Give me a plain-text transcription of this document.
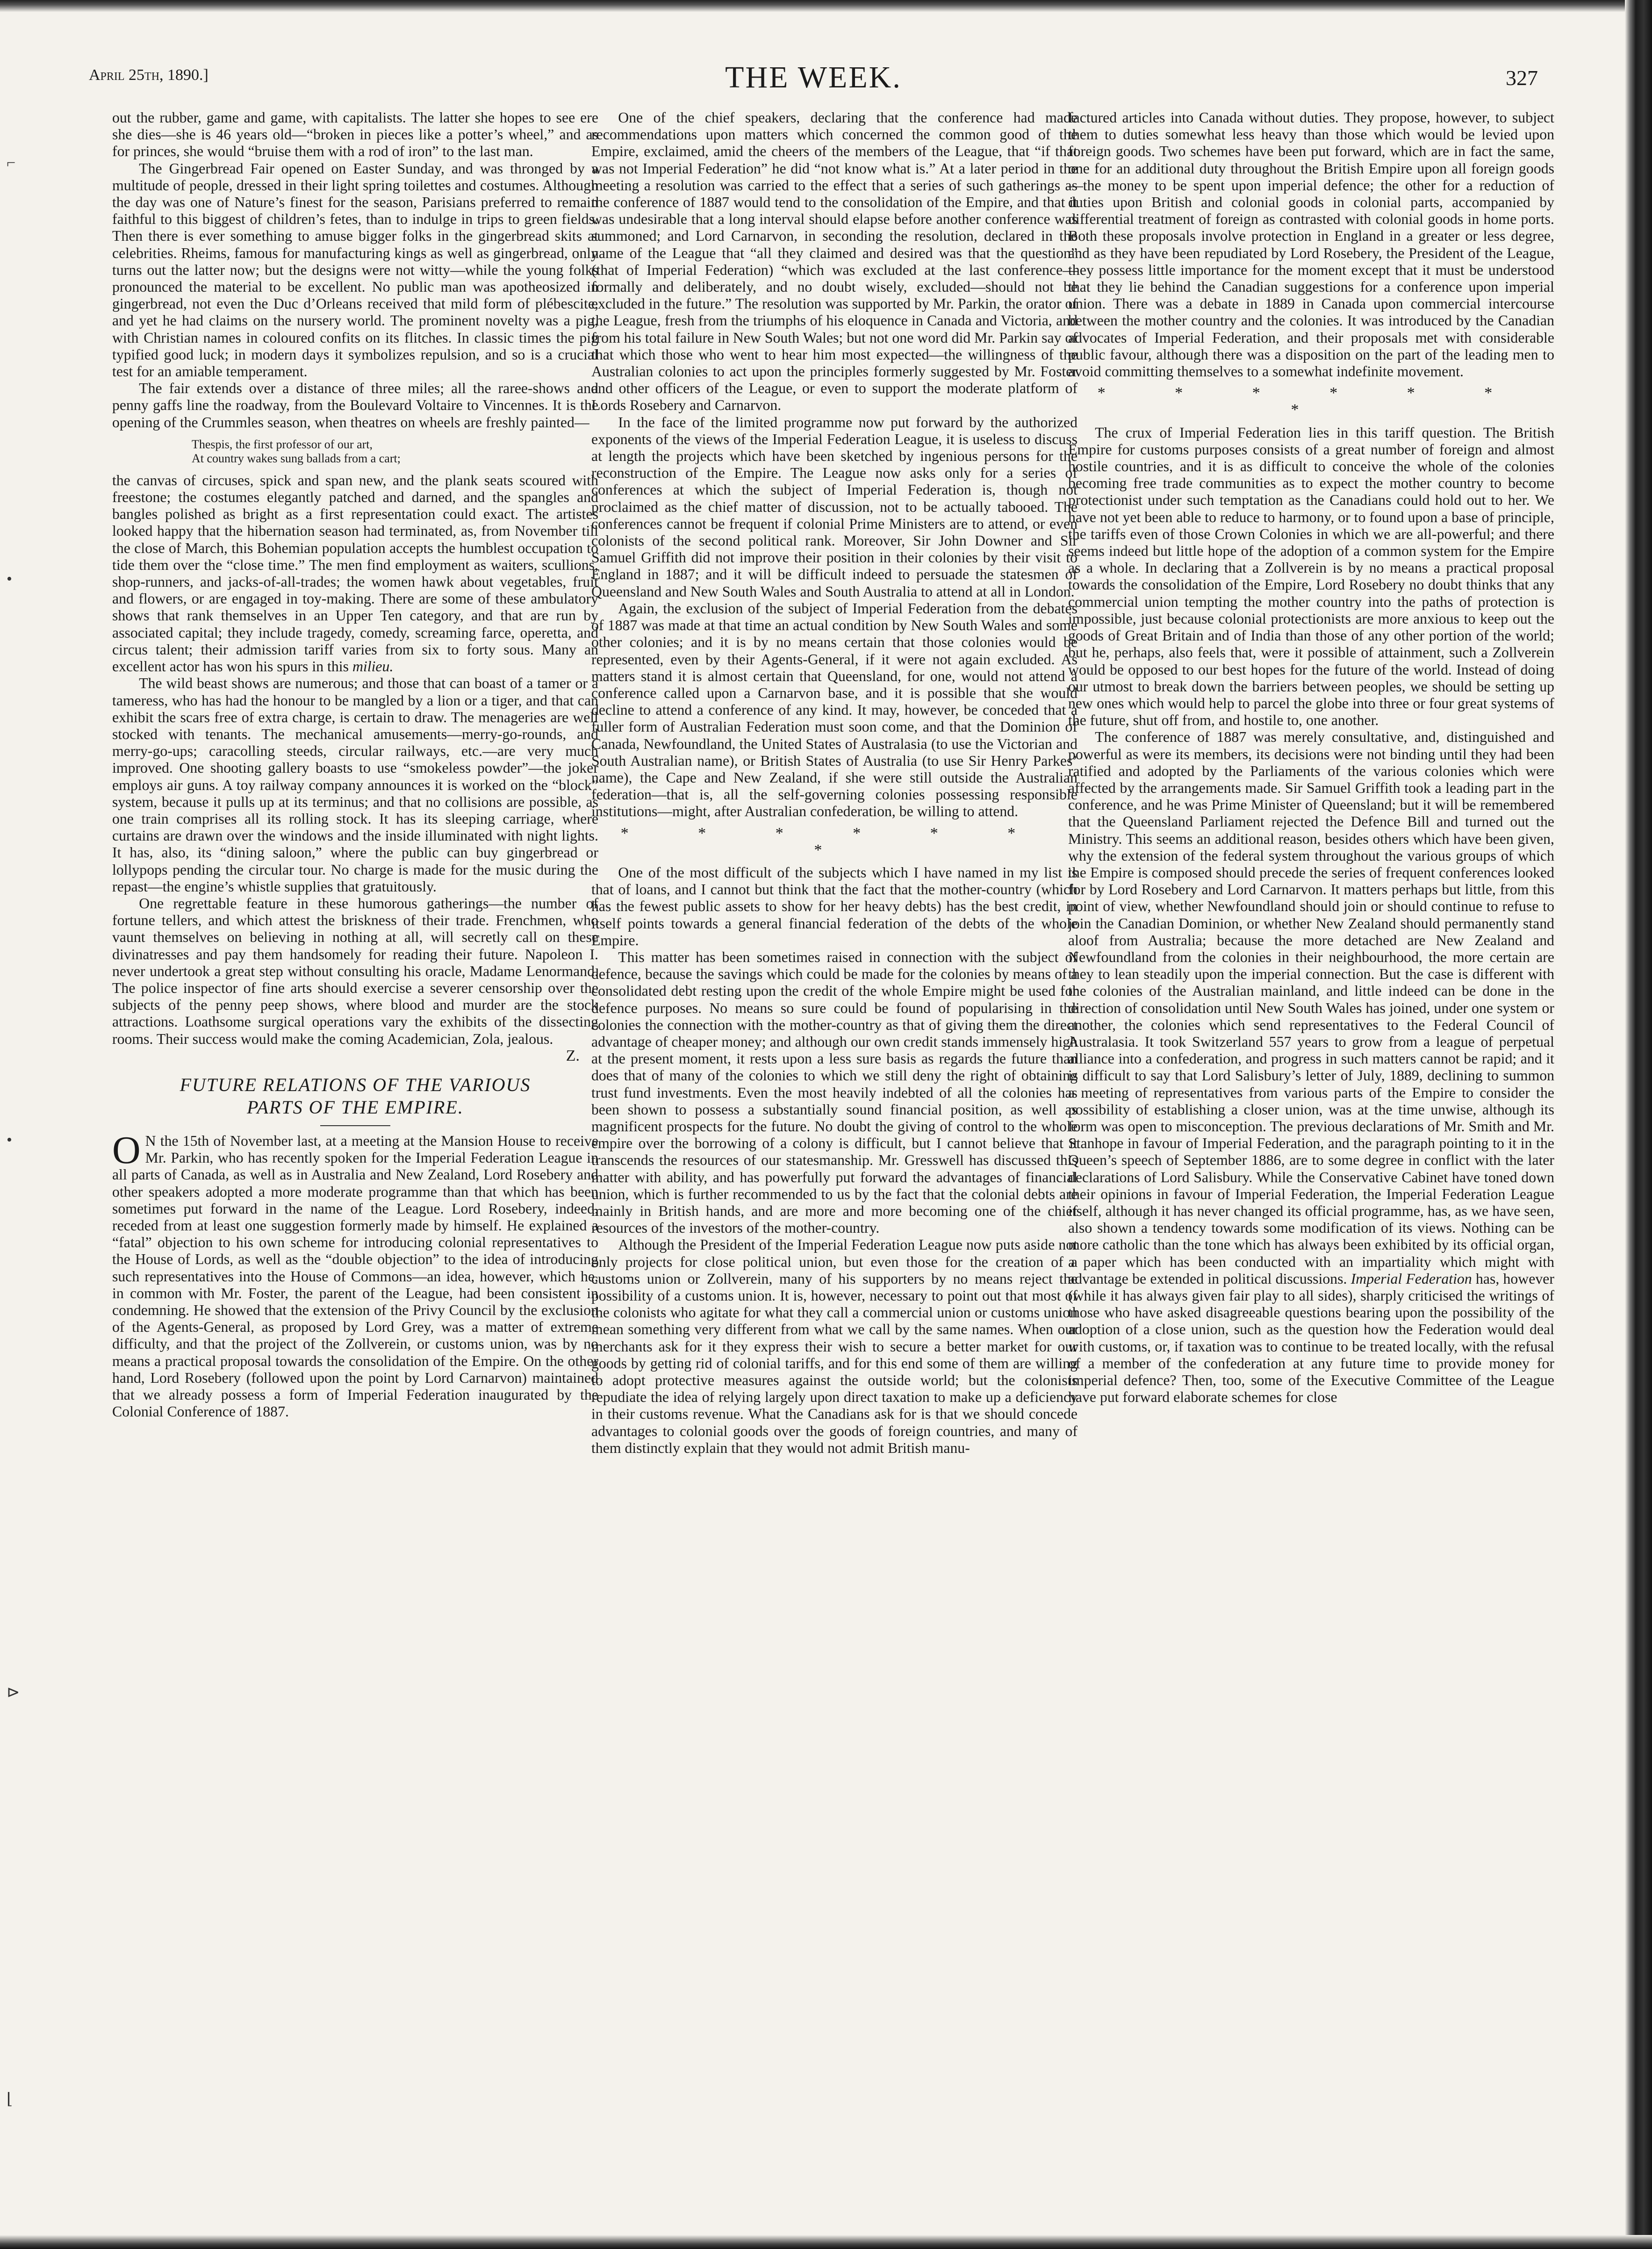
⌐
•
•
⊳
⌊
April 25th, 1890.]	THE WEEK.	327

out the rubber, game and game, with capitalists. The latter she hopes to see ere she dies—she is 46 years old—“broken in pieces like a potter’s wheel,” and as for princes, she would “bruise them with a rod of iron” to the last man.

The Gingerbread Fair opened on Easter Sunday, and was thronged by a multitude of people, dressed in their light spring toilettes and costumes. Although the day was one of Nature’s finest for the season, Parisians preferred to remain faithful to this biggest of children’s fetes, than to indulge in trips to green fields. Then there is ever something to amuse bigger folks in the gingerbread skits at celebrities. Rheims, famous for manufacturing kings as well as gingerbread, only turns out the latter now; but the designs were not witty—while the young folks pronounced the material to be excellent. No public man was apotheosized in gingerbread, not even the Duc d’Orleans received that mild form of plébescite, and yet he had claims on the nursery world. The prominent novelty was a pig, with Christian names in coloured confits on its flitches. In classic times the pig typified good luck; in modern days it symbolizes repulsion, and so is a crucial test for an amiable temperament.

The fair extends over a distance of three miles; all the raree-shows and penny gaffs line the roadway, from the Boulevard Voltaire to Vincennes. It is the opening of the Crummles season, when theatres on wheels are freshly painted—

Thespis, the first professor of our art,
At country wakes sung ballads from a cart;

the canvas of circuses, spick and span new, and the plank seats scoured with freestone; the costumes elegantly patched and darned, and the spangles and bangles polished as bright as a first representation could exact. The artistes looked happy that the hibernation season had terminated, as, from November till the close of March, this Bohemian population accepts the humblest occupation to tide them over the “close time.” The men find employment as waiters, scullions, shop-runners, and jacks-of-all-trades; the women hawk about vegetables, fruit and flowers, or are engaged in toy-making. There are some of these ambulatory shows that rank themselves in an Upper Ten category, and that are run by associated capital; they include tragedy, comedy, screaming farce, operetta, and circus talent; their admission tariff varies from six to forty sous. Many an excellent actor has won his spurs in this milieu.

The wild beast shows are numerous; and those that can boast of a tamer or a tameress, who has had the honour to be mangled by a lion or a tiger, and that can exhibit the scars free of extra charge, is certain to draw. The menageries are well stocked with tenants. The mechanical amusements—merry-go-rounds, and merry-go-ups; caracolling steeds, circular railways, etc.—are very much improved. One shooting gallery boasts to use “smokeless powder”—the joker employs air guns. A toy railway company announces it is worked on the “block” system, because it pulls up at its terminus; and that no collisions are possible, as one train comprises all its rolling stock. It has its sleeping carriage, where curtains are drawn over the windows and the inside illuminated with night lights. It has, also, its “dining saloon,” where the public can buy gingerbread or lollypops pending the circular tour. No charge is made for the music during the repast—the engine’s whistle supplies that gratuitously.

One regrettable feature in these humorous gatherings—the number of fortune tellers, and which attest the briskness of their trade. Frenchmen, who vaunt themselves on believing in nothing at all, will secretly call on these divinatresses and pay them handsomely for reading their future. Napoleon I. never undertook a great step without consulting his oracle, Madame Lenormand. The police inspector of fine arts should exercise a severer censorship over the subjects of the penny peep shows, where blood and murder are the stock attractions. Loathsome surgical operations vary the exhibits of the dissecting rooms. Their success would make the coming Academician, Zola, jealous.

Z.
FUTURE RELATIONS OF THE VARIOUS
PARTS OF THE EMPIRE.

O N the 15th of November last, at a meeting at the Mansion House to receive Mr. Parkin, who has recently spoken for the Imperial Federation League in all parts of Canada, as well as in Australia and New Zealand, Lord Rosebery and other speakers adopted a more moderate programme than that which has been sometimes put forward in the name of the League. Lord Rosebery, indeed, receded from at least one suggestion formerly made by himself. He explained a “fatal” objection to his own scheme for introducing colonial representatives to the House of Lords, as well as the “double objection” to the idea of introducing such representatives into the House of Commons—an idea, however, which he, in common with Mr. Foster, the parent of the League, had been consistent in condemning. He showed that the extension of the Privy Council by the exclusion of the Agents-General, as proposed by Lord Grey, was a matter of extreme difficulty, and that the project of the Zollverein, or customs union, was by no means a practical proposal towards the consolidation of the Empire. On the other hand, Lord Rosebery (followed upon the point by Lord Carnarvon) maintained that we already possess a form of Imperial Federation inaugurated by the Colonial Conference of 1887.

One of the chief speakers, declaring that the conference had made recommendations upon matters which concerned the common good of the Empire, exclaimed, amid the cheers of the members of the League, that “if that was not Imperial Federation” he did “not know what is.” At a later period in the meeting a resolution was carried to the effect that a series of such gatherings as the conference of 1887 would tend to the consolidation of the Empire, and that it was undesirable that a long interval should elapse before another conference was summoned; and Lord Carnarvon, in seconding the resolution, declared in the name of the League that “all they claimed and desired was that the question” (that of Imperial Federation) “which was excluded at the last conference—formally and deliberately, and no doubt wisely, excluded—should not be excluded in the future.” The resolution was supported by Mr. Parkin, the orator of the League, fresh from the triumphs of his eloquence in Canada and Victoria, and from his total failure in New South Wales; but not one word did Mr. Parkin say of that which those who went to hear him most expected—the willingness of the Australian colonies to act upon the principles formerly suggested by Mr. Foster and other officers of the League, or even to support the moderate platform of Lords Rosebery and Carnarvon.

In the face of the limited programme now put forward by the authorized exponents of the views of the Imperial Federation League, it is useless to discuss at length the projects which have been sketched by ingenious persons for the reconstruction of the Empire. The League now asks only for a series of conferences at which the subject of Imperial Federation is, though not proclaimed as the chief matter of discussion, not to be actually tabooed. The conferences cannot be frequent if colonial Prime Ministers are to attend, or even colonists of the second political rank. Moreover, Sir John Downer and Sir Samuel Griffith did not improve their position in their colonies by their visit to England in 1887; and it will be difficult indeed to persuade the statesmen of Queensland and New South Wales and South Australia to attend at all in London.

Again, the exclusion of the subject of Imperial Federation from the debates of 1887 was made at that time an actual condition by New South Wales and some other colonies; and it is by no means certain that those colonies would be represented, even by their Agents-General, if it were not again excluded. As matters stand it is almost certain that Queensland, for one, would not attend a conference called upon a Carnarvon base, and it is possible that she would decline to attend a conference of any kind. It may, however, be conceded that a fuller form of Australian Federation must soon come, and that the Dominion of Canada, Newfoundland, the United States of Australasia (to use the Victorian and South Australian name), or British States of Australia (to use Sir Henry Parkes’ name), the Cape and New Zealand, if she were still outside the Australian federation—that is, all the self-governing colonies possessing responsible institutions—might, after Australian confederation, be willing to attend.

* * * * * * *

One of the most difficult of the subjects which I have named in my list is that of loans, and I cannot but think that the fact that the mother-country (which has the fewest public assets to show for her heavy debts) has the best credit, in itself points towards a general financial federation of the debts of the whole Empire.

This matter has been sometimes raised in connection with the subject of defence, because the savings which could be made for the colonies by means of a consolidated debt resting upon the credit of the whole Empire might be used for defence purposes. No means so sure could be found of popularising in the colonies the connection with the mother-country as that of giving them the direct advantage of cheaper money; and although our own credit stands immensely high at the present moment, it rests upon a less sure basis as regards the future than does that of many of the colonies to which we still deny the right of obtaining trust fund investments. Even the most heavily indebted of all the colonies has been shown to possess a substantially sound financial position, as well as magnificent prospects for the future. No doubt the giving of control to the whole empire over the borrowing of a colony is difficult, but I cannot believe that it transcends the resources of our statesmanship. Mr. Gresswell has discussed this matter with ability, and has powerfully put forward the advantages of financial union, which is further recommended to us by the fact that the colonial debts are mainly in British hands, and are more and more becoming one of the chief resources of the investors of the mother-country.

Although the President of the Imperial Federation League now puts aside not only projects for close political union, but even those for the creation of a customs union or Zollverein, many of his supporters by no means reject the possibility of a customs union. It is, however, necessary to point out that most of the colonists who agitate for what they call a commercial union or customs union mean something very different from what we call by the same names. When our merchants ask for it they express their wish to secure a better market for our goods by getting rid of colonial tariffs, and for this end some of them are willing to adopt protective measures against the outside world; but the colonists repudiate the idea of relying largely upon direct taxation to make up a deficiency in their customs revenue. What the Canadians ask for is that we should concede advantages to colonial goods over the goods of foreign countries, and many of them distinctly explain that they would not admit British manu-

factured articles into Canada without duties. They propose, however, to subject them to duties somewhat less heavy than those which would be levied upon foreign goods. Two schemes have been put forward, which are in fact the same, one for an additional duty throughout the British Empire upon all foreign goods—the money to be spent upon imperial defence; the other for a reduction of duties upon British and colonial goods in colonial parts, accompanied by differential treatment of foreign as contrasted with colonial goods in home ports. Both these proposals involve protection in England in a greater or less degree, and as they have been repudiated by Lord Rosebery, the President of the League, they possess little importance for the moment except that it must be understood that they lie behind the Canadian suggestions for a conference upon imperial union. There was a debate in 1889 in Canada upon commercial intercourse between the mother country and the colonies. It was introduced by the Canadian advocates of Imperial Federation, and their proposals met with considerable public favour, although there was a disposition on the part of the leading men to avoid committing themselves to a somewhat indefinite movement.

* * * * * * *

The crux of Imperial Federation lies in this tariff question. The British Empire for customs purposes consists of a great number of foreign and almost hostile countries, and it is as difficult to conceive the whole of the colonies becoming free trade communities as to expect the mother country to become protectionist under such temptation as the Canadians could hold out to her. We have not yet been able to reduce to harmony, or to found upon a base of principle, the tariffs even of those Crown Colonies in which we are all-powerful; and there seems indeed but little hope of the adoption of a common system for the Empire as a whole. In declaring that a Zollverein is by no means a practical proposal towards the consolidation of the Empire, Lord Rosebery no doubt thinks that any commercial union tempting the mother country into the paths of protection is impossible, just because colonial protectionists are more anxious to keep out the goods of Great Britain and of India than those of any other portion of the world; but he, perhaps, also feels that, were it possible of attainment, such a Zollverein would be opposed to our best hopes for the future of the world. Instead of doing our utmost to break down the barriers between peoples, we should be setting up new ones which would help to parcel the globe into three or four great systems of the future, shut off from, and hostile to, one another.

The conference of 1887 was merely consultative, and, distinguished and powerful as were its members, its decisions were not binding until they had been ratified and adopted by the Parliaments of the various colonies which were affected by the arrangements made. Sir Samuel Griffith took a leading part in the conference, and he was Prime Minister of Queensland; but it will be remembered that the Queensland Parliament rejected the Defence Bill and turned out the Ministry. This seems an additional reason, besides others which have been given, why the extension of the federal system throughout the various groups of which the Empire is composed should precede the series of frequent conferences looked for by Lord Rosebery and Lord Carnarvon. It matters perhaps but little, from this point of view, whether Newfoundland should join or should continue to refuse to join the Canadian Dominion, or whether New Zealand should permanently stand aloof from Australia; because the more detached are New Zealand and Newfoundland from the colonies in their neighbourhood, the more certain are they to lean steadily upon the imperial connection. But the case is different with the colonies of the Australian mainland, and little indeed can be done in the direction of consolidation until New South Wales has joined, under one system or another, the colonies which send representatives to the Federal Council of Australasia. It took Switzerland 557 years to grow from a league of perpetual alliance into a confederation, and progress in such matters cannot be rapid; and it is difficult to say that Lord Salisbury’s letter of July, 1889, declining to summon a meeting of representatives from various parts of the Empire to consider the possibility of establishing a closer union, was at the time unwise, although its form was open to misconception. The previous declarations of Mr. Smith and Mr. Stanhope in favour of Imperial Federation, and the paragraph pointing to it in the Queen’s speech of September 1886, are to some degree in conflict with the later declarations of Lord Salisbury. While the Conservative Cabinet have toned down their opinions in favour of Imperial Federation, the Imperial Federation League itself, although it has never changed its official programme, has, as we have seen, also shown a tendency towards some modification of its views. Nothing can be more catholic than the tone which has always been exhibited by its official organ, a paper which has been conducted with an impartiality which might with advantage be extended in political discussions. Imperial Federation has, however (while it has always given fair play to all sides), sharply criticised the writings of those who have asked disagreeable questions bearing upon the possibility of the adoption of a close union, such as the question how the Federation would deal with customs, or, if taxation was to continue to be treated locally, with the refusal of a member of the confederation at any future time to provide money for imperial defence? Then, too, some of the Executive Committee of the League have put forward elaborate schemes for close
